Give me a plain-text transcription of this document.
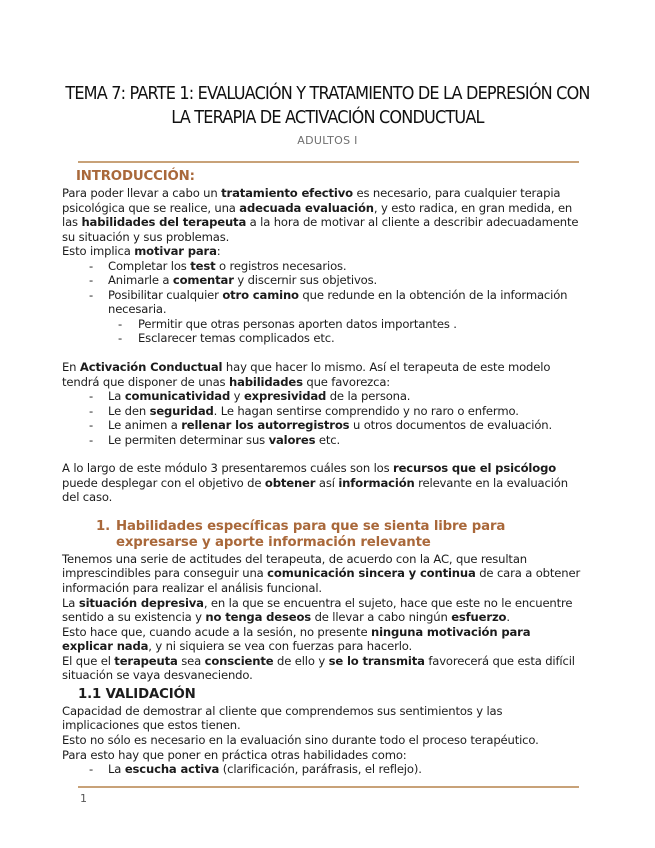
TEMA 7: PARTE 1: EVALUACIÓN Y TRATAMIENTO DE LA DEPRESIÓN CON
LA TERAPIA DE ACTIVACIÓN CONDUCTUAL
ADULTOS I
INTRODUCCIÓN:

Para poder llevar a cabo un tratamiento efectivo es necesario, para cualquier terapia psicológica que se realice, una adecuada evaluación, y esto radica, en gran medida, en las habilidades del terapeuta a la hora de motivar al cliente a describir adecuadamente su situación y sus problemas.

Esto implica motivar para:

- Completar los test o registros necesarios.
- Animarle a comentar y discernir sus objetivos.
- Posibilitar cualquier otro camino que redunde en la obtención de la información necesaria.
- Permitir que otras personas aporten datos importantes .
- Esclarecer temas complicados etc.

En Activación Conductual hay que hacer lo mismo. Así el terapeuta de este modelo tendrá que disponer de unas habilidades que favorezca:

- La comunicatividad y expresividad de la persona.
- Le den seguridad. Le hagan sentirse comprendido y no raro o enfermo.
- Le animen a rellenar los autorregistros u otros documentos de evaluación.
- Le permiten determinar sus valores etc.

A lo largo de este módulo 3 presentaremos cuáles son los recursos que el psicólogo puede desplegar con el objetivo de obtener así información relevante en la evaluación del caso.

1. Habilidades específicas para que se sienta libre para expresarse y aporte información relevante

Tenemos una serie de actitudes del terapeuta, de acuerdo con la AC, que resultan imprescindibles para conseguir una comunicación sincera y continua de cara a obtener información para realizar el análisis funcional.

La situación depresiva, en la que se encuentra el sujeto, hace que este no le encuentre sentido a su existencia y no tenga deseos de llevar a cabo ningún esfuerzo.

Esto hace que, cuando acude a la sesión, no presente ninguna motivación para explicar nada, y ni siquiera se vea con fuerzas para hacerlo.

El que el terapeuta sea consciente de ello y se lo transmita favorecerá que esta difícil situación se vaya desvaneciendo.

1.1 VALIDACIÓN

Capacidad de demostrar al cliente que comprendemos sus sentimientos y las implicaciones que estos tienen.

Esto no sólo es necesario en la evaluación sino durante todo el proceso terapéutico.

Para esto hay que poner en práctica otras habilidades como:

- La escucha activa (clarificación, paráfrasis, el reflejo).
1
